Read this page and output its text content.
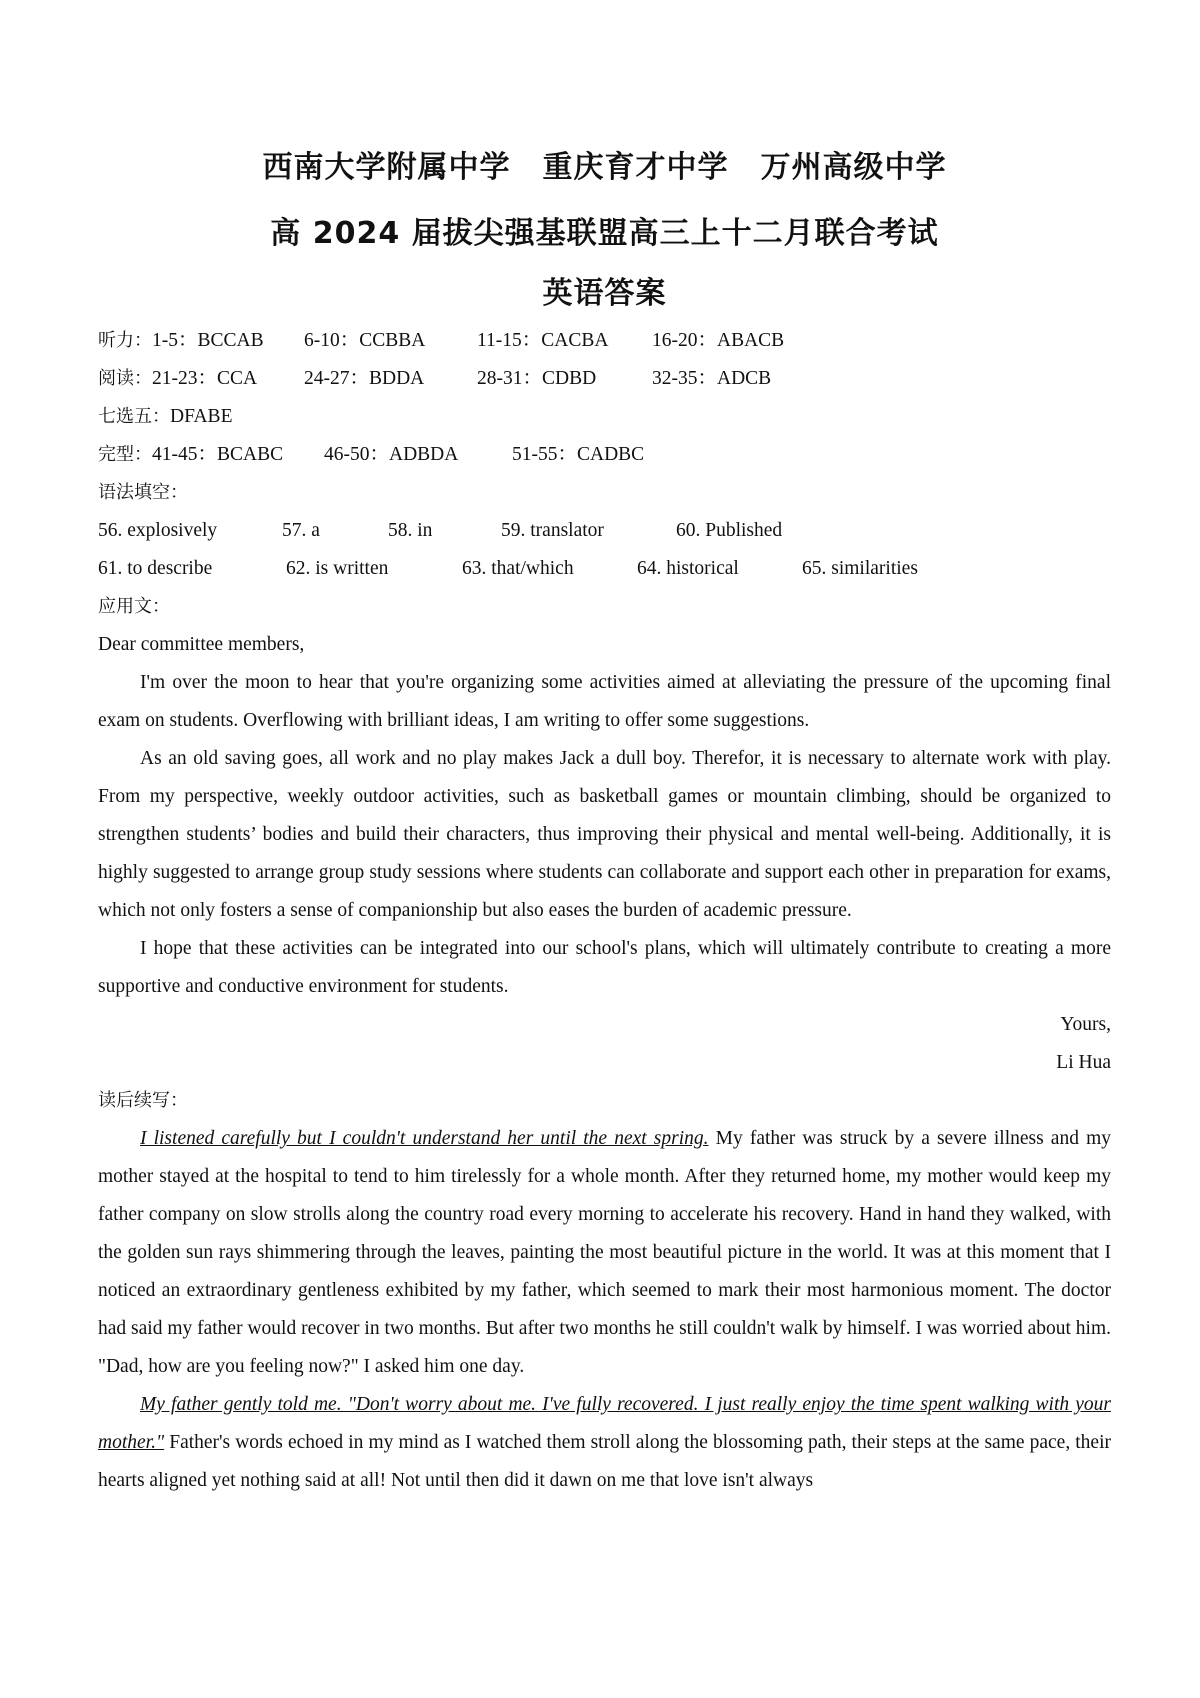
西南大学附属中学 重庆育才中学 万州高级中学
高 2024 届拔尖强基联盟高三上十二月联合考试
英语答案
听力：1-5：BCCAB 6-10：CCBBA	11-15：CACBA 16-20：ABACB
阅读：21-23：CCA 24-27：BDDA	28-31：CDBD	32-35：ADCB
七选五：DFABE
完型：41-45：BCABC 46-50：ADBDA	51-55：CADBC
语法填空：
56. explosively	57. a	58. in	59. translator	60. Published
61. to describe	62. is written	63. that/which	64. historical	65. similarities
应用文：
Dear committee members,

I'm over the moon to hear that you're organizing some activities aimed at alleviating the pressure of the upcoming final exam on students. Overflowing with brilliant ideas, I am writing to offer some suggestions.

As an old saving goes, all work and no play makes Jack a dull boy. Therefor, it is necessary to alternate work with play. From my perspective, weekly outdoor activities, such as basketball games or mountain climbing, should be organized to strengthen students’ bodies and build their characters, thus improving their physical and mental well-being. Additionally, it is highly suggested to arrange group study sessions where students can collaborate and support each other in preparation for exams, which not only fosters a sense of companionship but also eases the burden of academic pressure.

I hope that these activities can be integrated into our school's plans, which will ultimately contribute to creating a more supportive and conductive environment for students.

Yours,
Li Hua
读后续写：

I listened carefully but I couldn't understand her until the next spring. My father was struck by a severe illness and my mother stayed at the hospital to tend to him tirelessly for a whole month. After they returned home, my mother would keep my father company on slow strolls along the country road every morning to accelerate his recovery. Hand in hand they walked, with the golden sun rays shimmering through the leaves, painting the most beautiful picture in the world. It was at this moment that I noticed an extraordinary gentleness exhibited by my father, which seemed to mark their most harmonious moment. The doctor had said my father would recover in two months. But after two months he still couldn't walk by himself. I was worried about him. "Dad, how are you feeling now?" I asked him one day.

My father gently told me. "Don't worry about me. I've fully recovered. I just really enjoy the time spent walking with your mother." Father's words echoed in my mind as I watched them stroll along the blossoming path, their steps at the same pace, their hearts aligned yet nothing said at all! Not until then did it dawn on me that love isn't always
